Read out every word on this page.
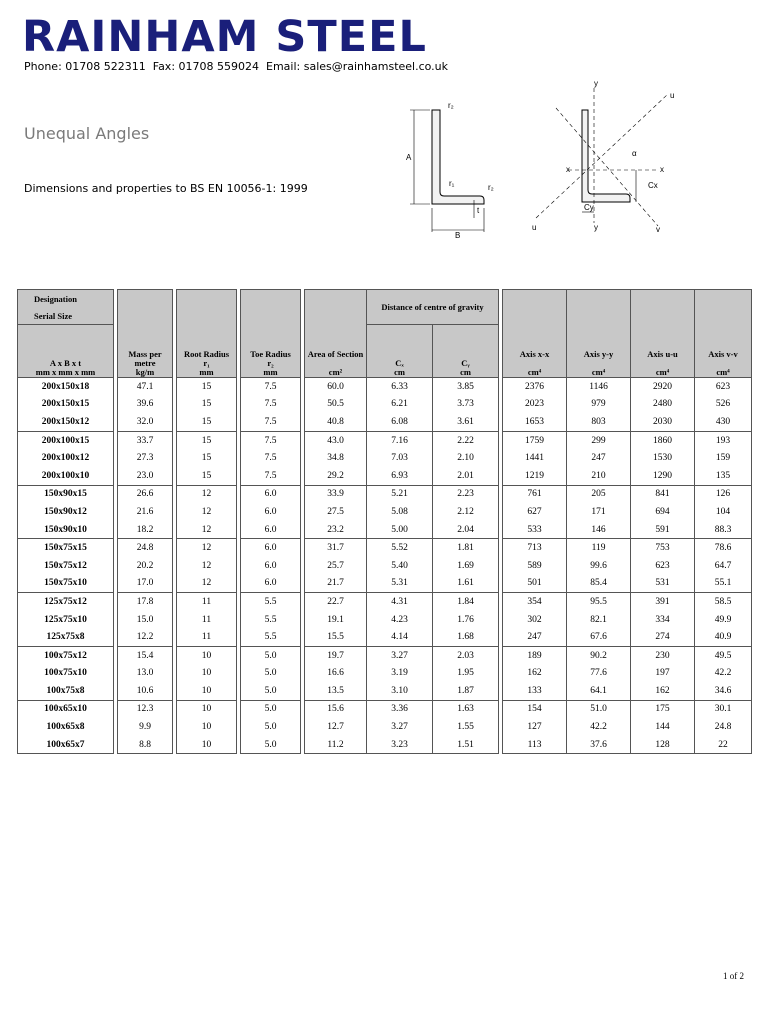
RAINHAM STEEL
Phone: 01708 522311  Fax: 01708 559024  Email: sales@rainhamsteel.co.uk
Unequal Angles
Dimensions and properties to BS EN 10056-1: 1999
A
B
t
r₁
r₂
r₂
y
y
u
u	v
x	x
α
Cx
Cy
Designation									Distance of centre of gravity						
Serial Size															
A x B x t
mm x mm x mm		Mass per metre
kg/m		Root Radius
r₁
mm		Toe Radius
r₂
mm		Area of Section

cm²	Cₓ
cm	Cᵧ
cm		Axis x-x

cm⁴	Axis y-y

cm⁴	Axis u-u

cm⁴	Axis v-v

cm⁴
200x150x18		47.1		15		7.5		60.0	6.33	3.85		2376	1146	2920	623
200x150x15		39.6		15		7.5		50.5	6.21	3.73		2023	979	2480	526
200x150x12		32.0		15		7.5		40.8	6.08	3.61		1653	803	2030	430
200x100x15		33.7		15		7.5		43.0	7.16	2.22		1759	299	1860	193
200x100x12		27.3		15		7.5		34.8	7.03	2.10		1441	247	1530	159
200x100x10		23.0		15		7.5		29.2	6.93	2.01		1219	210	1290	135
150x90x15		26.6		12		6.0		33.9	5.21	2.23		761	205	841	126
150x90x12		21.6		12		6.0		27.5	5.08	2.12		627	171	694	104
150x90x10		18.2		12		6.0		23.2	5.00	2.04		533	146	591	88.3
150x75x15		24.8		12		6.0		31.7	5.52	1.81		713	119	753	78.6
150x75x12		20.2		12		6.0		25.7	5.40	1.69		589	99.6	623	64.7
150x75x10		17.0		12		6.0		21.7	5.31	1.61		501	85.4	531	55.1
125x75x12		17.8		11		5.5		22.7	4.31	1.84		354	95.5	391	58.5
125x75x10		15.0		11		5.5		19.1	4.23	1.76		302	82.1	334	49.9
125x75x8		12.2		11		5.5		15.5	4.14	1.68		247	67.6	274	40.9
100x75x12		15.4		10		5.0		19.7	3.27	2.03		189	90.2	230	49.5
100x75x10		13.0		10		5.0		16.6	3.19	1.95		162	77.6	197	42.2
100x75x8		10.6		10		5.0		13.5	3.10	1.87		133	64.1	162	34.6
100x65x10		12.3		10		5.0		15.6	3.36	1.63		154	51.0	175	30.1
100x65x8		9.9		10		5.0		12.7	3.27	1.55		127	42.2	144	24.8
100x65x7		8.8		10		5.0		11.2	3.23	1.51		113	37.6	128	22
1 of 2
